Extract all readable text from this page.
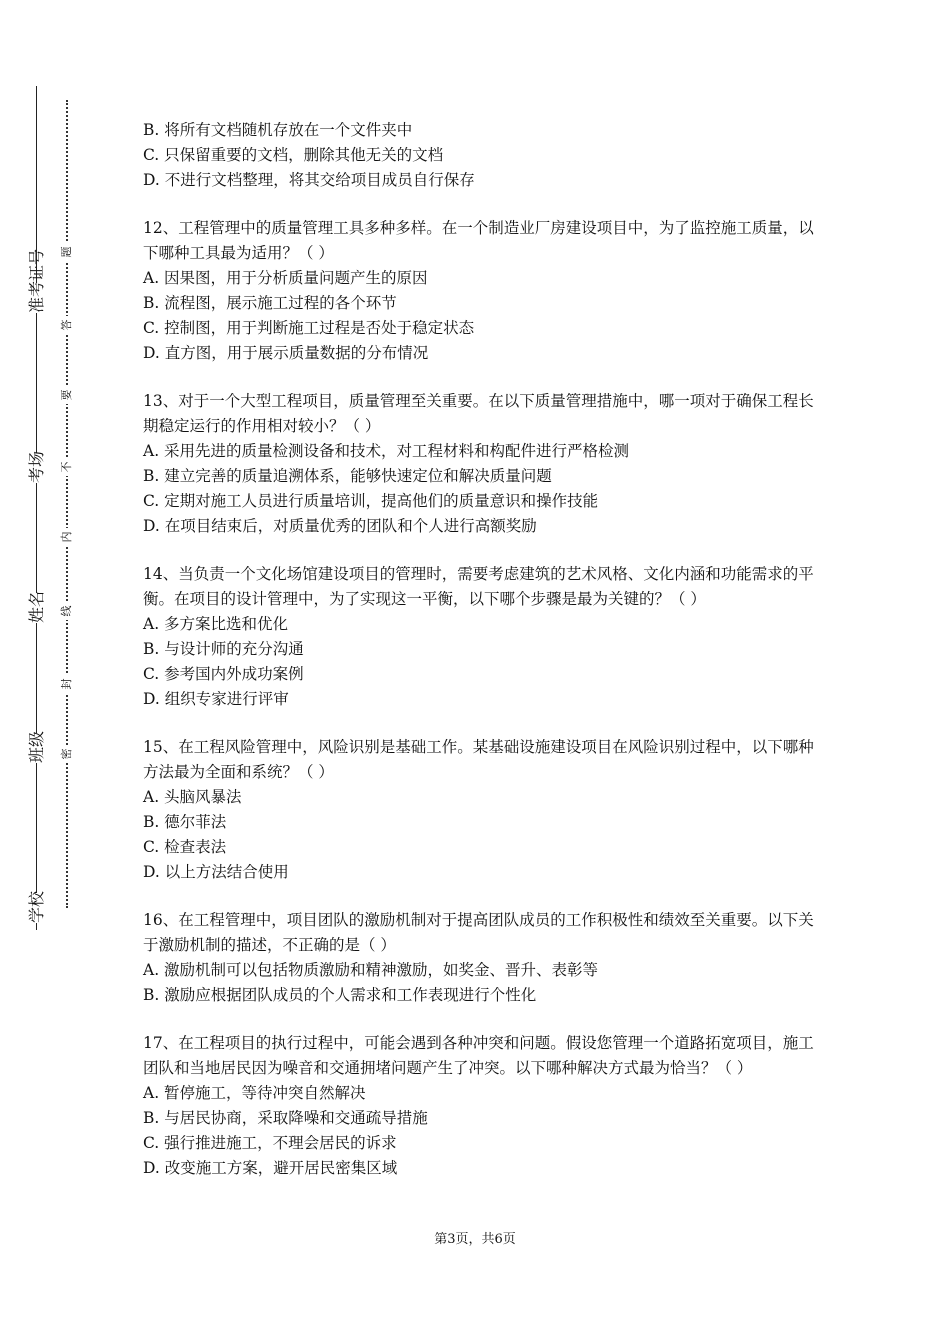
准考证号
考场
姓名
班级
学校
题
答
要
不
内
线
封
密

B. 将所有文档随机存放在一个文件夹中

C. 只保留重要的文档，删除其他无关的文档

D. 不进行文档整理，将其交给项目成员自行保存

12、工程管理中的质量管理工具多种多样。在一个制造业厂房建设项目中，为了监控施工质量，以下哪种工具最为适用？（ ）

A. 因果图，用于分析质量问题产生的原因

B. 流程图，展示施工过程的各个环节

C. 控制图，用于判断施工过程是否处于稳定状态

D. 直方图，用于展示质量数据的分布情况

13、对于一个大型工程项目，质量管理至关重要。在以下质量管理措施中，哪一项对于确保工程长期稳定运行的作用相对较小？（ ）

A. 采用先进的质量检测设备和技术，对工程材料和构配件进行严格检测

B. 建立完善的质量追溯体系，能够快速定位和解决质量问题

C. 定期对施工人员进行质量培训，提高他们的质量意识和操作技能

D. 在项目结束后，对质量优秀的团队和个人进行高额奖励

14、当负责一个文化场馆建设项目的管理时，需要考虑建筑的艺术风格、文化内涵和功能需求的平衡。在项目的设计管理中，为了实现这一平衡，以下哪个步骤是最为关键的？（ ）

A. 多方案比选和优化

B. 与设计师的充分沟通

C. 参考国内外成功案例

D. 组织专家进行评审

15、在工程风险管理中，风险识别是基础工作。某基础设施建设项目在风险识别过程中，以下哪种方法最为全面和系统？（ ）

A. 头脑风暴法

B. 德尔菲法

C. 检查表法

D. 以上方法结合使用

16、在工程管理中，项目团队的激励机制对于提高团队成员的工作积极性和绩效至关重要。以下关于激励机制的描述，不正确的是（ ）

A. 激励机制可以包括物质激励和精神激励，如奖金、晋升、表彰等

B. 激励应根据团队成员的个人需求和工作表现进行个性化

17、在工程项目的执行过程中，可能会遇到各种冲突和问题。假设您管理一个道路拓宽项目，施工团队和当地居民因为噪音和交通拥堵问题产生了冲突。以下哪种解决方式最为恰当？（ ）

A. 暂停施工，等待冲突自然解决

B. 与居民协商，采取降噪和交通疏导措施

C. 强行推进施工，不理会居民的诉求

D. 改变施工方案，避开居民密集区域

第3页，共6页
